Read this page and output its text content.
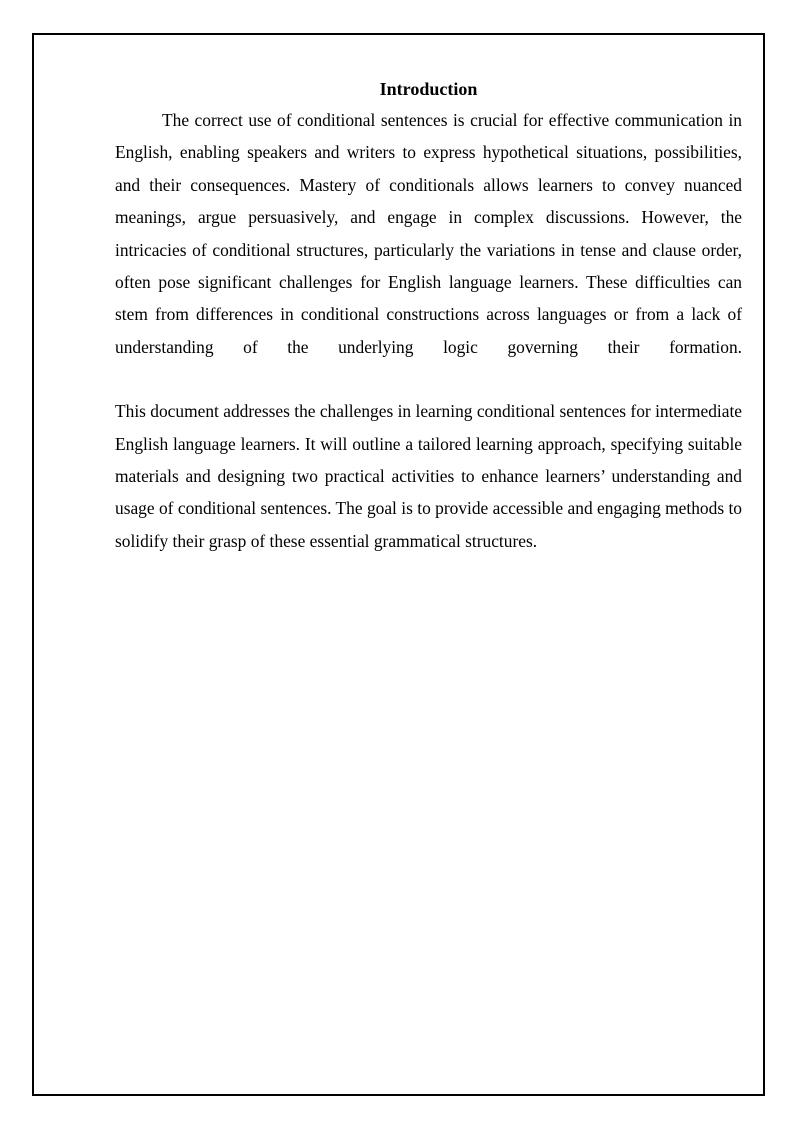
Introduction

The correct use of conditional sentences is crucial for effective communication in English, enabling speakers and writers to express hypothetical situations, possibilities, and their consequences. Mastery of conditionals allows learners to convey nuanced meanings, argue persuasively, and engage in complex discussions. However, the intricacies of conditional structures, particularly the variations in tense and clause order, often pose significant challenges for English language learners. These difficulties can stem from differences in conditional constructions across languages or from a lack of understanding of the underlying logic governing their formation.

This document addresses the challenges in learning conditional sentences for intermediate English language learners. It will outline a tailored learning approach, specifying suitable materials and designing two practical activities to enhance learners’ understanding and usage of conditional sentences. The goal is to provide accessible and engaging methods to solidify their grasp of these essential grammatical structures.
